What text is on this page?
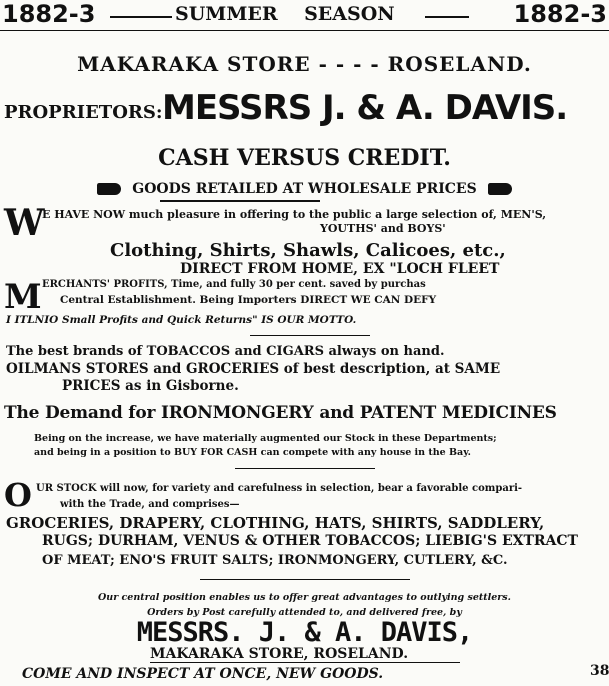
1882-3	SUMMER    SEASON	1882-3
MAKARAKA STORE - - - - ROSELAND.
PROPRIETORS: MESSRS J. & A. DAVIS.
CASH VERSUS CREDIT.
GOODS RETAILED AT WHOLESALE PRICES
W
E HAVE NOW much pleasure in offering to the public a large selection of, MEN'S,
YOUTHS' and BOYS'
Clothing, Shirts, Shawls, Calicoes, etc.,
DIRECT FROM HOME, EX "LOCH FLEET
M ERCHANTS' PROFITS, Time, and fully 30 per cent. saved by purchas
Central Establishment. Being Importers DIRECT WE CAN DEFY
I ITLNIO Small Profits and Quick Returns" IS OUR MOTTO.
The best brands of TOBACCOS and CIGARS always on hand.
OILMANS STORES and GROCERIES of best description, at SAME
PRICES as in Gisborne.
The Demand for IRONMONGERY and PATENT MEDICINES
Being on the increase, we have materially augmented our Stock in these Departments;
and being in a position to BUY FOR CASH can compete with any house in the Bay.
O UR STOCK will now, for variety and carefulness in selection, bear a favorable compari-
with the Trade, and comprises—
GROCERIES, DRAPERY, CLOTHING, HATS, SHIRTS, SADDLERY,
RUGS; DURHAM, VENUS & OTHER TOBACCOS; LIEBIG'S EXTRACT
OF MEAT; ENO'S FRUIT SALTS; IRONMONGERY, CUTLERY, &C.
Our central position enables us to offer great advantages to outlying settlers.
Orders by Post carefully attended to, and delivered free, by
MESSRS. J. & A. DAVIS,
MAKARAKA STORE, ROSELAND.
COME AND INSPECT AT ONCE, NEW GOODS.	38
